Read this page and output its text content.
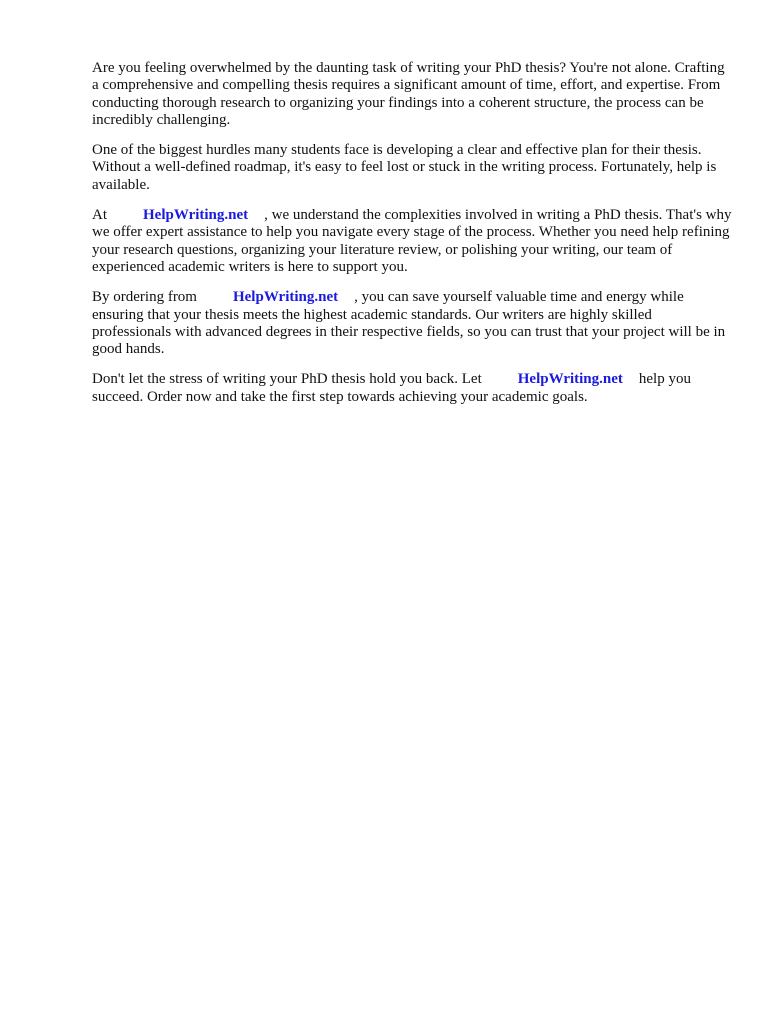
Are you feeling overwhelmed by the daunting task of writing your PhD thesis? You're not alone. Crafting a comprehensive and compelling thesis requires a significant amount of time, effort, and expertise. From conducting thorough research to organizing your findings into a coherent structure, the process can be incredibly challenging.

One of the biggest hurdles many students face is developing a clear and effective plan for their thesis. Without a well-defined roadmap, it's easy to feel lost or stuck in the writing process. Fortunately, help is available.

At HelpWriting.net , we understand the complexities involved in writing a PhD thesis. That's why we offer expert assistance to help you navigate every stage of the process. Whether you need help refining your research questions, organizing your literature review, or polishing your writing, our team of experienced academic writers is here to support you.

By ordering from HelpWriting.net , you can save yourself valuable time and energy while ensuring that your thesis meets the highest academic standards. Our writers are highly skilled professionals with advanced degrees in their respective fields, so you can trust that your project will be in good hands.

Don't let the stress of writing your PhD thesis hold you back. Let HelpWriting.net help you succeed. Order now and take the first step towards achieving your academic goals.
